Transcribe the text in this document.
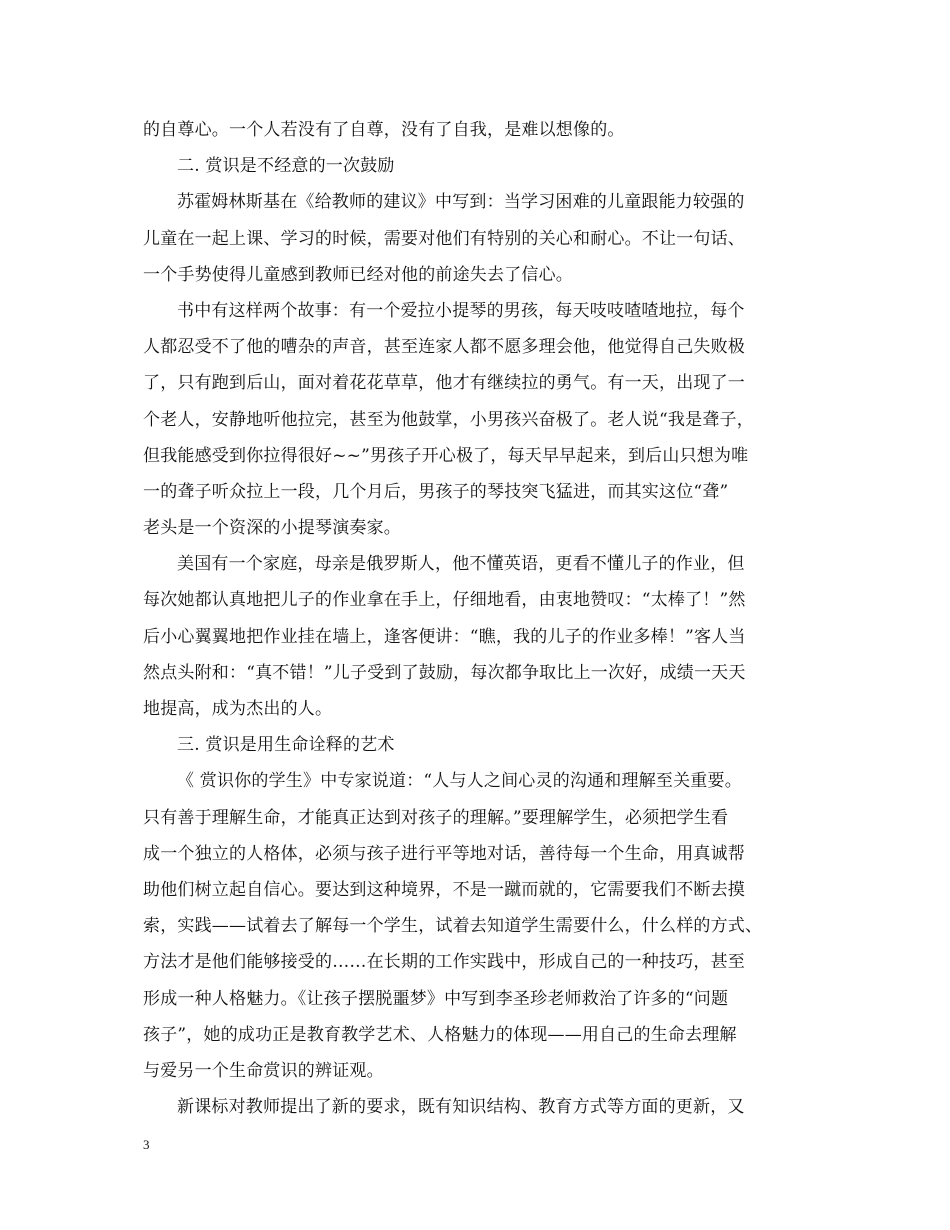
的自尊心。一个人若没有了自尊，没有了自我，是难以想像的。
二. 赏识是不经意的一次鼓励
苏霍姆林斯基在《给教师的建议》中写到：当学习困难的儿童跟能力较强的
儿童在一起上课、学习的时候，需要对他们有特别的关心和耐心。不让一句话、
一个手势使得儿童感到教师已经对他的前途失去了信心。
书中有这样两个故事：有一个爱拉小提琴的男孩，每天吱吱喳喳地拉，每个
人都忍受不了他的嘈杂的声音，甚至连家人都不愿多理会他，他觉得自己失败极
了，只有跑到后山，面对着花花草草，他才有继续拉的勇气。有一天，出现了一
个老人，安静地听他拉完，甚至为他鼓掌，小男孩兴奋极了。老人说“我是聋子，
但我能感受到你拉得很好~~”男孩子开心极了，每天早早起来，到后山只想为唯
一的聋子听众拉上一段，几个月后，男孩子的琴技突飞猛进，而其实这位“聋”
老头是一个资深的小提琴演奏家。
美国有一个家庭，母亲是俄罗斯人，他不懂英语，更看不懂儿子的作业，但
每次她都认真地把儿子的作业拿在手上，仔细地看，由衷地赞叹：“太棒了！”然
后小心翼翼地把作业挂在墙上，逢客便讲：“瞧，我的儿子的作业多棒！”客人当
然点头附和：“真不错！”儿子受到了鼓励，每次都争取比上一次好，成绩一天天
地提高，成为杰出的人。
三. 赏识是用生命诠释的艺术
《 赏识你的学生》中专家说道：“人与人之间心灵的沟通和理解至关重要。
只有善于理解生命，才能真正达到对孩子的理解。”要理解学生，必须把学生看
成一个独立的人格体，必须与孩子进行平等地对话，善待每一个生命，用真诚帮
助他们树立起自信心。要达到这种境界，不是一蹴而就的，它需要我们不断去摸
索，实践——试着去了解每一个学生，试着去知道学生需要什么，什么样的方式、
方法才是他们能够接受的……在长期的工作实践中，形成自己的一种技巧，甚至
形成一种人格魅力。《让孩子摆脱噩梦》中写到李圣珍老师救治了许多的“问题
孩子”，她的成功正是教育教学艺术、人格魅力的体现——用自己的生命去理解
与爱另一个生命赏识的辨证观。
新课标对教师提出了新的要求，既有知识结构、教育方式等方面的更新，又
3
